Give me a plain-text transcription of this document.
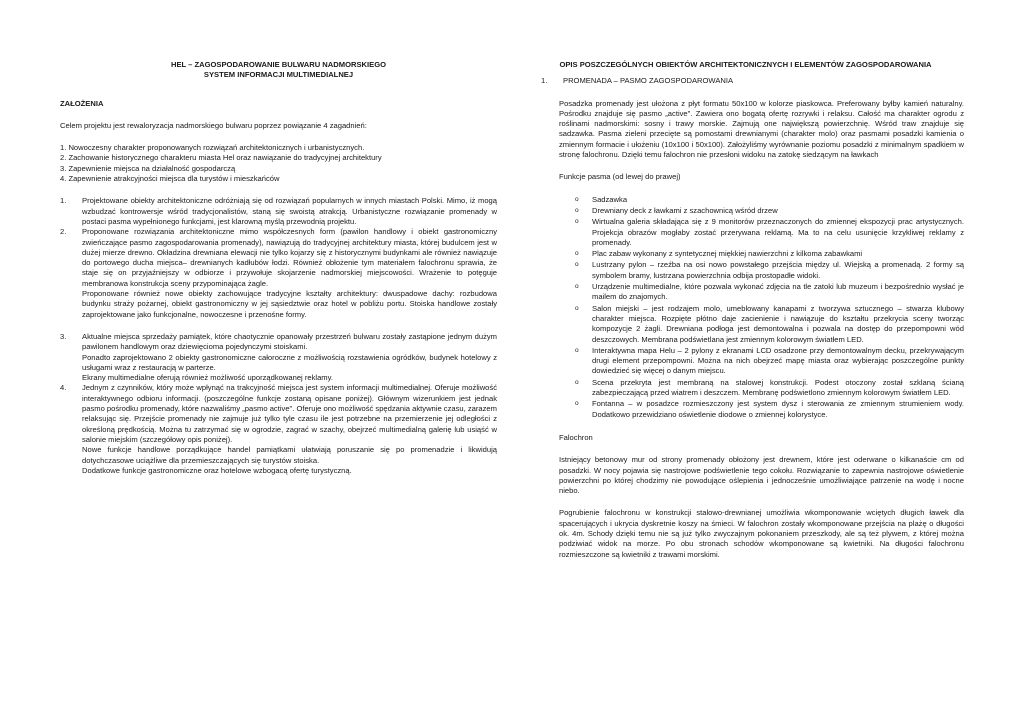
HEL – ZAGOSPODAROWANIE BULWARU NADMORSKIEGO

SYSTEM INFORMACJI MULTIMEDIALNEJ

ZAŁOŻENIA

Celem projektu jest rewaloryzacja nadmorskiego bulwaru poprzez powiązanie 4 zagadnień:

1. Nowoczesny charakter proponowanych rozwiązań architektonicznych i urbanistycznych.

2. Zachowanie historycznego charakteru miasta Hel oraz nawiązanie do tradycyjnej architektury

3. Zapewnienie miejsca na działalność gospodarczą

4. Zapewnienie atrakcyjności miejsca dla turystów i mieszkańców

1. Projektowane obiekty architektoniczne odróżniają się od rozwiązań popularnych w innych miastach Polski. Mimo, iż mogą wzbudzać kontrowersje wśród tradycjonalistów, staną się swoistą atrakcją. Urbanistyczne rozwiązanie promenady w postaci pasma wypełnionego funkcjami, jest klarowną myślą przewodnią projektu.

2. Proponowane rozwiązania architektoniczne mimo współczesnych form (pawilon handlowy i obiekt gastronomiczny zwieńczające pasmo zagospodarowania promenady), nawiązują do tradycyjnej architektury miasta, której budulcem jest w dużej mierze drewno. Okładzina drewniana elewacji nie tylko kojarzy się z historycznymi budynkami ale również nawiązuje do portowego ducha miejsca– drewnianych kadłubów łodzi. Również obłożenie tym materiałem falochronu sprawia, że staje się on przyjaźniejszy w odbiorze i przywołuje skojarzenie nadmorskiej miejscowości. Wrażenie to potęguje membranowa konstrukcja sceny przypominająca żagle.

Proponowane również nowe obiekty zachowujące tradycyjne kształty architektury: dwuspadowe dachy: rozbudowa budynku straży pożarnej, obiekt gastronomiczny w jej sąsiedztwie oraz hotel w pobliżu portu. Stoiska handlowe zostały zaprojektowane jako funkcjonalne, nowoczesne i przenośne formy.

3. Aktualne miejsca sprzedaży pamiątek, które chaotycznie opanowały przestrzeń bulwaru zostały zastąpione jednym dużym pawilonem handlowym oraz dziewięcioma pojedynczymi stoiskami.

Ponadto zaprojektowano 2 obiekty gastronomiczne całoroczne z możliwością rozstawienia ogródków, budynek hotelowy z usługami wraz z restauracją w parterze.

Ekrany multimedialne oferują również możliwość uporządkowanej reklamy.

4. Jednym z czynników, który może wpłynąć na trakcyjność miejsca jest system informacji multimedialnej. Oferuje możliwość interaktywnego odbioru informacji. (poszczególne funkcje zostaną opisane poniżej). Głównym wizerunkiem jest jednak pasmo pośrodku promenady, które nazwaliśmy „pasmo active". Oferuje ono możliwość spędzania aktywnie czasu, zarazem relaksując się. Przejście promenady nie zajmuje już tylko tyle czasu ile jest potrzebne na przemierzenie jej odległości z określoną prędkością. Można tu zatrzymać się w ogrodzie, zagrać w szachy, obejrzeć multimedialną galerię lub usiąść w salonie miejskim (szczegółowy opis poniżej).

Nowe funkcje handlowe porządkujące handel pamiątkami ułatwiają poruszanie się po promenadzie i likwidują dotychczasowe uciążliwe dla przemieszczających się turystów stoiska.

Dodatkowe funkcje gastronomiczne oraz hotelowe wzbogacą ofertę turystyczną.

OPIS POSZCZEGÓLNYCH OBIEKTÓW ARCHITEKTONICZNYCH I ELEMENTÓW ZAGOSPODAROWANIA

1. PROMENADA – PASMO ZAGOSPODAROWANIA

Posadzka promenady jest ułożona z płyt formatu 50x100 w kolorze piaskowca. Preferowany byłby kamień naturalny. Pośrodku znajduje się pasmo „active". Zawiera ono bogatą ofertę rozrywki i relaksu. Całość ma charakter ogrodu z roślinami nadmorskimi: sosny i trawy morskie. Zajmują one największą powierzchnię. Wśród traw znajduje się sadzawka. Pasma zieleni przecięte są pomostami drewnianymi (charakter molo) oraz pasmami posadzki kamienia o zmiennym formacie i ułożeniu (10x100 i 50x100). Założyliśmy wyrównanie poziomu posadzki z minimalnym spadkiem w stronę falochronu. Dzięki temu falochron nie przesłoni widoku na zatokę siedzącym na ławkach

Funkcje pasma (od lewej do prawej)

o Sadzawka
o Drewniany deck z ławkami z szachownicą wśród drzew
o Wirtualna galeria składająca się z 9 monitorów przeznaczonych do zmiennej ekspozycji prac artystycznych. Projekcja obrazów mogłaby zostać przerywana reklamą. Ma to na celu usunięcie krzykliwej reklamy z promenady.
o Plac zabaw wykonany z syntetycznej miękkiej nawierzchni z kilkoma zabawkami
o Lustrzany pylon – rzeźba na osi nowo powstałego przejścia między ul. Wiejską a promenadą. 2 formy są symbolem bramy, lustrzana powierzchnia odbija prostopadłe widoki.
o Urządzenie multimedialne, które pozwala wykonać zdjęcia na tle zatoki lub muzeum i bezpośrednio wysłać je mailem do znajomych.
o Salon miejski – jest rodzajem molo, umeblowany kanapami z tworzywa sztucznego – stwarza klubowy charakter miejsca. Rozpięte płótno daje zacienienie i nawiązuje do kształtu przekrycia sceny tworząc kompozycje 2 żagli. Drewniana podłoga jest demontowalna i pozwala na dostęp do przepompowni wód deszczowych. Membrana podświetlana jest zmiennym kolorowym światłem LED.
o Interaktywna mapa Helu – 2 pylony z ekranami LCD osadzone przy demontowalnym decku, przekrywającym drugi element przepompowni. Można na nich obejrzeć mapę miasta oraz wybierając poszczególne punkty dowiedzieć się więcej o danym miejscu.
o Scena przekryta jest membraną na stalowej konstrukcji. Podest otoczony został szklaną ścianą zabezpieczającą przed wiatrem i deszczem. Membranę podświetlono zmiennym kolorowym światłem LED.
o Fontanna – w posadzce rozmieszczony jest system dysz i sterowania ze zmiennym strumieniem wody. Dodatkowo przewidziano oświetlenie diodowe o zmiennej kolorystyce.

Falochron

Istniejący betonowy mur od strony promenady obłożony jest drewnem, które jest oderwane o kilkanaście cm od posadzki. W nocy pojawia się nastrojowe podświetlenie tego cokołu. Rozwiązanie to zapewnia nastrojowe oświetlenie powierzchni po której chodzimy nie powodujące oślepienia i jednocześnie umożliwiające patrzenie na wodę i nocne niebo.

Pogrubienie falochronu w konstrukcji stalowo-drewnianej umożliwia wkomponowanie wciętych długich ławek dla spacerujących i ukrycia dyskretnie koszy na śmieci. W falochron zostały wkomponowane przejścia na plażę o długości ok. 4m. Schody dzięki temu nie są już tylko zwyczajnym pokonaniem przeszkody, ale są też plywem, z której można podziwiać widok na morze. Po obu stronach schodów wkomponowane są kwietniki. Na długości falochronu rozmieszczone są kwietniki z trawami morskimi.
